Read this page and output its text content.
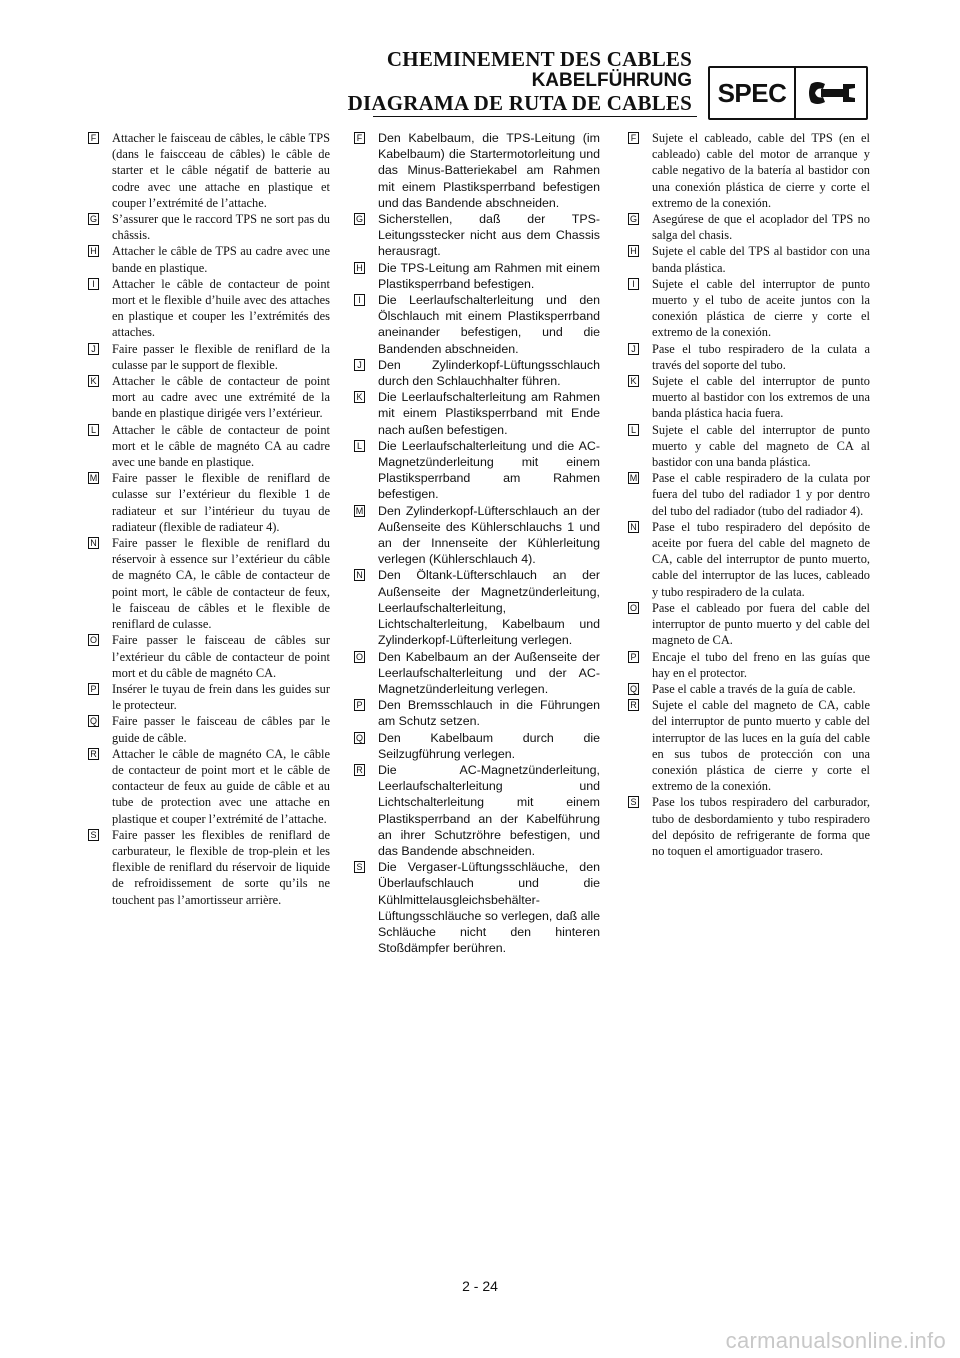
CHEMINEMENT DES CABLES
KABELFÜHRUNG
DIAGRAMA DE RUTA DE CABLES SPEC
F Attacher le faisceau de câbles, le câble TPS (dans le faiscceau de câbles) le câble de starter et le câble négatif de batterie au codre avec une attache en plastique et couper l’extrémité de l’attache.
G S’assurer que le raccord TPS ne sort pas du châssis.
H Attacher le câble de TPS au cadre avec une bande en plastique.
I	Attacher le câble de contacteur de point mort et le flexible d’huile avec des attaches en plastique et couper les l’extrémités des attaches.
J Faire passer le flexible de reniflard de la culasse par le support de flexible.
K Attacher le câble de contacteur de point mort au cadre avec une extrémité de la bande en plastique dirigée vers l’extérieur.
L Attacher le câble de contacteur de point mort et le câble de magnéto CA au cadre avec une bande en plastique.
M Faire passer le flexible de reniflard de culasse sur l’extérieur du flexible 1 de radiateur et sur l’intérieur du tuyau de radiateur (flexible de radiateur 4).
N Faire passer le flexible de reniflard du réservoir à essence sur l’extérieur du câble de magnéto CA, le câble de contacteur de point mort, le câble de contacteur de feux, le faisceau de câbles et le flexible de reniflard de culasse.
O Faire passer le faisceau de câbles sur l’extérieur du câble de contacteur de point mort et du câble de magnéto CA.
P Insérer le tuyau de frein dans les guides sur le protecteur.
Q Faire passer le faisceau de câbles par le guide de câble.
R Attacher le câble de magnéto CA, le câble de contacteur de point mort et le câble de contacteur de feux au guide de câble et au tube de protection avec une attache en plastique et couper l’extrémité de l’attache.
S Faire passer les flexibles de reniflard de carburateur, le flexible de trop-plein et les flexible de reniflard du réservoir de liquide de refroidissement de sorte qu’ils ne touchent pas l’amortisseur arrière.
F Den Kabelbaum, die TPS-Leitung (im Kabelbaum) die Startermotorleitung und das Minus-Batteriekabel am Rahmen mit einem Plastiksperrband befestigen und das Bandende abschneiden.
G Sicherstellen, daß der TPS-Leitungsstecker nicht aus dem Chassis herausragt.
H Die TPS-Leitung am Rahmen mit einem Plastiksperrband befestigen.
I	Die Leerlaufschalterleitung und den Ölschlauch mit einem Plastiksperrband aneinander befestigen, und die Bandenden abschneiden.
J Den Zylinderkopf-Lüftungsschlauch durch den Schlauchhalter führen.
K Die Leerlaufschalterleitung am Rahmen mit einem Plastiksperrband mit Ende nach außen befestigen.
L Die Leerlaufschalterleitung und die AC-Magnetzünderleitung mit einem Plastiksperrband am Rahmen befestigen.
M Den Zylinderkopf-Lüfterschlauch an der Außenseite des Kühlerschlauchs 1 und an der Innenseite der Kühlerleitung verlegen (Kühlerschlauch 4).
N Den Öltank-Lüfterschlauch an der Außenseite der Magnetzünderleitung, Leerlaufschalterleitung, Lichtschalterleitung, Kabelbaum und Zylinderkopf-Lüfterleitung verlegen.
O Den Kabelbaum an der Außenseite der Leerlaufschalterleitung und der AC-Magnetzünderleitung verlegen.
P Den Bremsschlauch in die Führungen am Schutz setzen.
Q Den Kabelbaum durch die Seilzugführung verlegen.
R Die AC-Magnetzünderleitung, Leerlaufschalterleitung und Lichtschalterleitung mit einem Plastiksperrband an der Kabelführung an ihrer Schutzröhre befestigen, und das Bandende abschneiden.
S Die Vergaser-Lüftungsschläuche, den Überlaufschlauch und die Kühlmittelausgleichsbehälter-Lüftungsschläuche so verlegen, daß alle Schläuche nicht den hinteren Stoßdämpfer berühren.
F Sujete el cableado, cable del TPS (en el cableado) cable del motor de arranque y cable negativo de la batería al bastidor con una conexión plástica de cierre y corte el extremo de la conexión.
G Asegúrese de que el acoplador del TPS no salga del chasis.
H Sujete el cable del TPS al bastidor con una banda plástica.
I	Sujete el cable del interruptor de punto muerto y el tubo de aceite juntos con la conexión plástica de cierre y corte el extremo de la conexión.
J Pase el tubo respiradero de la culata a través del soporte del tubo.
K Sujete el cable del interruptor de punto muerto al bastidor con los extremos de una banda plástica hacia fuera.
L Sujete el cable del interruptor de punto muerto y cable del magneto de CA al bastidor con una banda plástica.
M Pase el cable respiradero de la culata por fuera del tubo del radiador 1 y por dentro del tubo del radiador (tubo del radiador 4).
N Pase el tubo respiradero del depósito de aceite por fuera del cable del magneto de CA, cable del interruptor de punto muerto, cable del interruptor de las luces, cableado y tubo respiradero de la culata.
O Pase el cableado por fuera del cable del interruptor de punto muerto y del cable del magneto de CA.
P Encaje el tubo del freno en las guías que hay en el protector.
Q Pase el cable a través de la guía de cable.
R Sujete el cable del magneto de CA, cable del interruptor de punto muerto y cable del interruptor de las luces en la guía del cable en sus tubos de protección con una conexión plástica de cierre y corte el extremo de la conexión.
S Pase los tubos respiradero del carburador, tubo de desbordamiento y tubo respiradero del depósito de refrigerante de forma que no toquen el amortiguador trasero.
2 - 24
carmanualsonline.info
